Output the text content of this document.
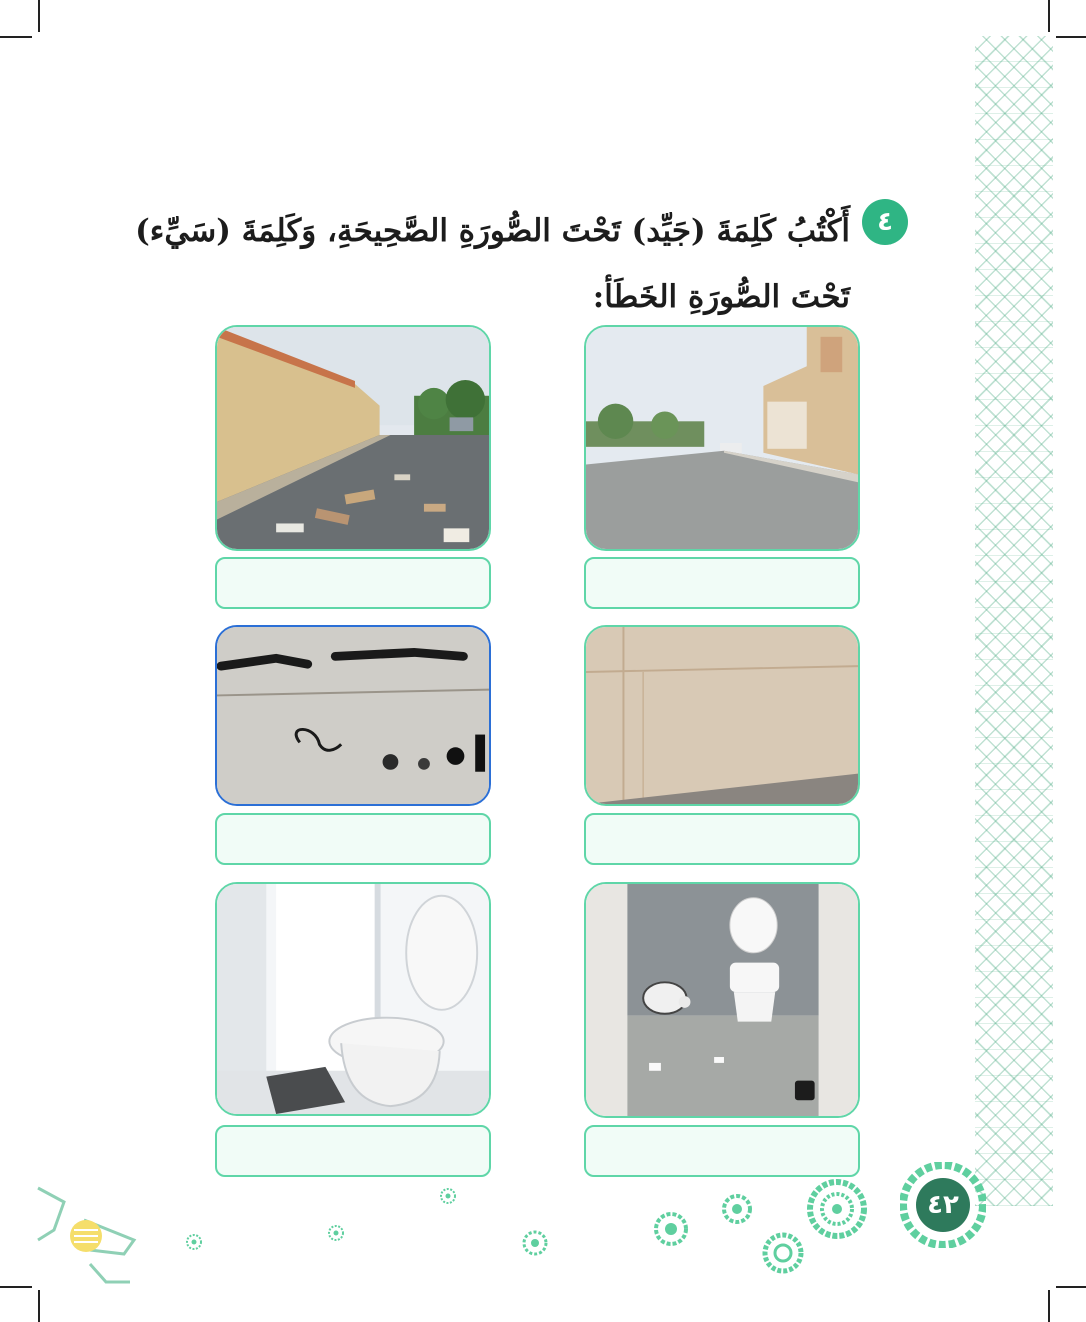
٤
أَكْتُبُ كَلِمَةَ (جَيِّد) تَحْتَ الصُّورَةِ الصَّحِيحَةِ، وَكَلِمَةَ (سَيِّء)
تَحْتَ الصُّورَةِ الخَطَأ:
٤٢
